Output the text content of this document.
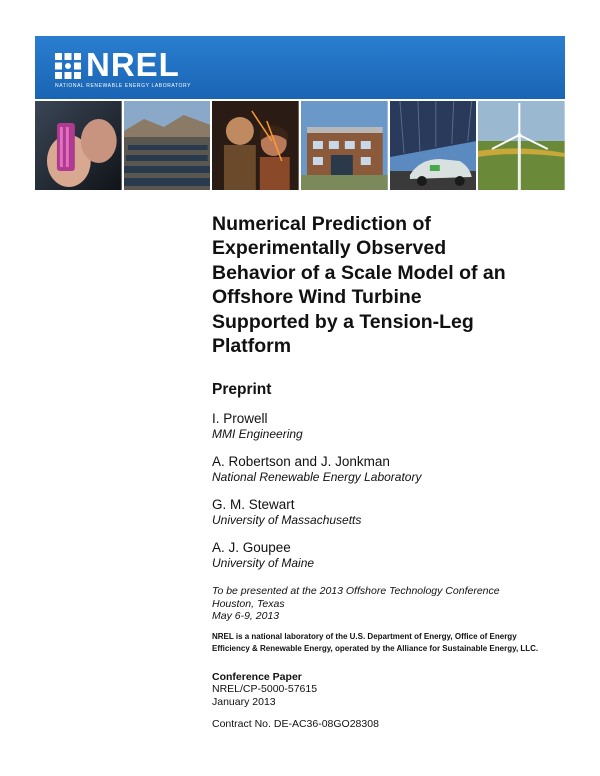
NREL
NATIONAL RENEWABLE ENERGY LABORATORY
Numerical Prediction of
Experimentally Observed
Behavior of a Scale Model of an
Offshore Wind Turbine
Supported by a Tension-Leg
Platform
Preprint
I. Prowell
MMI Engineering
A. Robertson and J. Jonkman
National Renewable Energy Laboratory
G. M. Stewart
University of Massachusetts
A. J. Goupee
University of Maine
To be presented at the 2013 Offshore Technology Conference
Houston, Texas
May 6-9, 2013
NREL is a national laboratory of the U.S. Department of Energy, Office of Energy
Efficiency & Renewable Energy, operated by the Alliance for Sustainable Energy, LLC.
Conference Paper
NREL/CP-5000-57615
January 2013
Contract No. DE-AC36-08GO28308
